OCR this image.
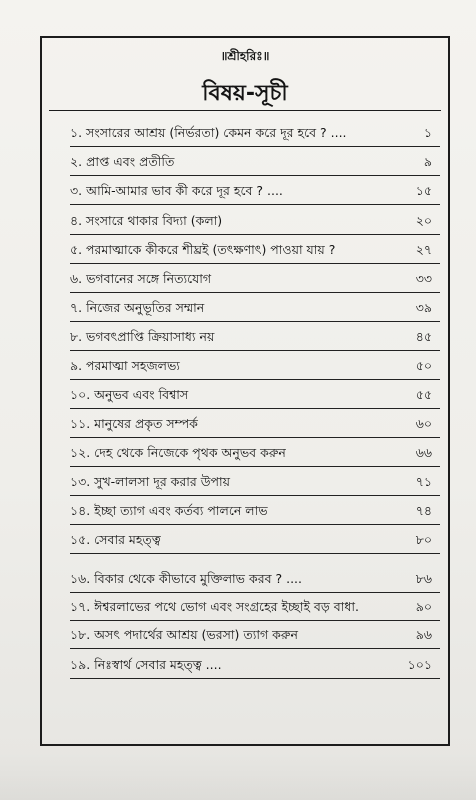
॥শ্রীহরিঃ॥
বিষয়-সূচী
১. সংসারের আশ্রয় (নির্ভরতা) কেমন করে দূর হবে ? ....	১
২. প্রাপ্ত এবং প্রতীতি	৯
৩. আমি-আমার ভাব কী করে দূর হবে ? ....	১৫
৪. সংসারে থাকার বিদ্যা (কলা)	২০
৫. পরমাত্মাকে কীকরে শীঘ্রই (তৎক্ষণাৎ) পাওয়া যায় ?	২৭
৬. ভগবানের সঙ্গে নিত্যযোগ	৩৩
৭. নিজের অনুভূতির সম্মান	৩৯
৮. ভগবৎপ্রাপ্তি ক্রিয়াসাধ্য নয়	৪৫
৯. পরমাত্মা সহজলভ্য	৫০
১০. অনুভব এবং বিশ্বাস	৫৫
১১. মানুষের প্রকৃত সম্পর্ক	৬০
১২. দেহ থেকে নিজেকে পৃথক অনুভব করুন	৬৬
১৩. সুখ-লালসা দূর করার উপায়	৭১
১৪. ইচ্ছা ত্যাগ এবং কর্তব্য পালনে লাভ	৭৪
১৫. সেবার মহত্ত্ব	৮০
১৬. বিকার থেকে কীভাবে মুক্তিলাভ করব ? ....	৮৬
১৭. ঈশ্বরলাভের পথে ভোগ এবং সংগ্রহের ইচ্ছাই বড় বাধা.	৯০
১৮. অসৎ পদার্থের আশ্রয় (ভরসা) ত্যাগ করুন	৯৬
১৯. নিঃস্বার্থ সেবার মহত্ত্ব ....	১০১
